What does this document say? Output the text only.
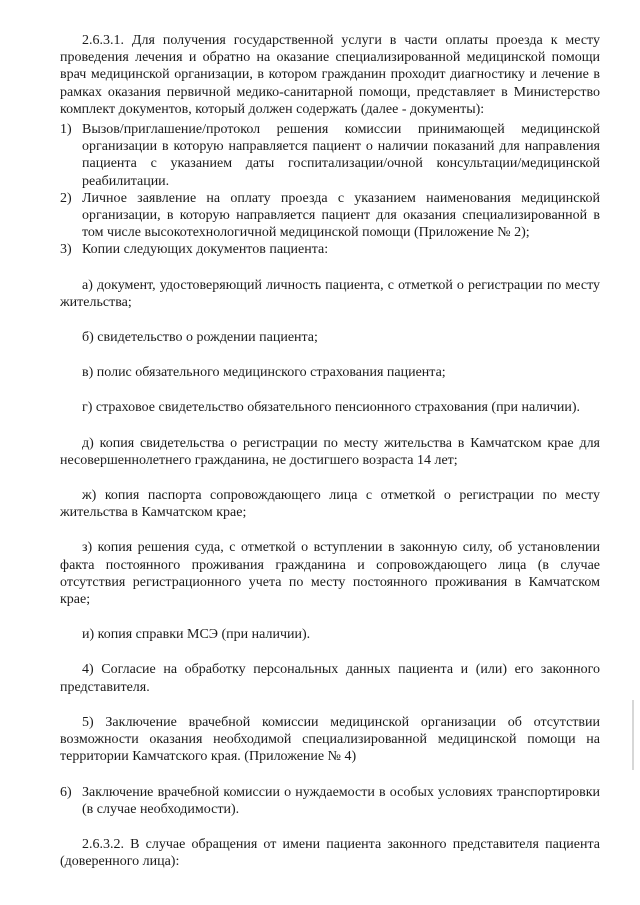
2.6.3.1. Для получения государственной услуги в части оплаты проезда к месту проведения лечения и обратно на оказание специализированной медицинской помощи врач медицинской организации, в котором гражданин проходит диагностику и лечение в рамках оказания первичной медико-санитарной помощи, представляет в Министерство комплект документов, который должен содержать (далее - документы):

1) Вызов/приглашение/протокол решения комиссии принимающей медицинской организации в которую направляется пациент о наличии показаний для направления пациента с указанием даты госпитализации/очной консультации/медицинской реабилитации.
2) Личное заявление на оплату проезда с указанием наименования медицинской организации, в которую направляется пациент для оказания специализированной в том числе высокотехнологичной медицинской помощи (Приложение № 2);
3) Копии следующих документов пациента:

а) документ, удостоверяющий личность пациента, с отметкой о регистрации по месту жительства;

б) свидетельство о рождении пациента;

в) полис обязательного медицинского страхования пациента;

г) страховое свидетельство обязательного пенсионного страхования (при наличии).

д) копия свидетельства о регистрации по месту жительства в Камчатском крае для несовершеннолетнего гражданина, не достигшего возраста 14 лет;

ж) копия паспорта сопровождающего лица с отметкой о регистрации по месту жительства в Камчатском крае;

з) копия решения суда, с отметкой о вступлении в законную силу, об установлении факта постоянного проживания гражданина и сопровождающего лица (в случае отсутствия регистрационного учета по месту постоянного проживания в Камчатском крае;

и) копия справки МСЭ (при наличии).

4) Согласие на обработку персональных данных пациента и (или) его законного представителя.

5) Заключение врачебной комиссии медицинской организации об отсутствии возможности оказания необходимой специализированной медицинской помощи на территории Камчатского края. (Приложение № 4)

6) Заключение врачебной комиссии о нуждаемости в особых условиях транспортировки (в случае необходимости).

2.6.3.2. В случае обращения от имени пациента законного представителя пациента (доверенного лица):
